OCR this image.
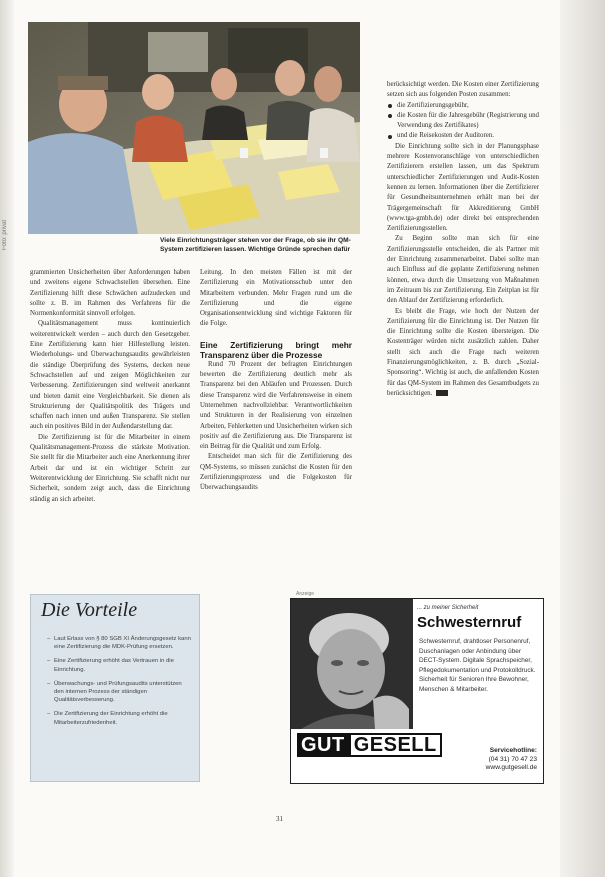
Foto: privat	Viele Einrichtungsträger stehen vor der Frage, ob sie ihr QM-System zertifizieren lassen. Wichtige Gründe sprechen dafür

grammierten Unsicherheiten über Anforderungen haben und zweitens eigene Schwachstellen übersehen. Eine Zertifizierung hilft diese Schwächen aufzudecken und sollte z. B. im Rahmen des Verfahrens für die Normenkonformität sinnvoll erfolgen.

Qualitätsmanagement muss kontinuierlich weiterentwickelt werden – auch durch den Gesetzgeber. Eine Zertifizierung kann hier Hilfestellung leisten. Wiederholungs- und Überwachungsaudits gewährleisten die ständige Überprüfung des Systems, decken neue Schwachstellen auf und zeigen Möglichkeiten zur Verbesserung. Zertifizierungen sind weltweit anerkannt und bieten damit eine Vergleichbarkeit. Sie dienen als Strukturierung der Qualitätspolitik des Trägers und schaffen nach innen und außen Transparenz. Sie stellen auch ein positives Bild in der Außendarstellung dar.

Die Zertifizierung ist für die Mitarbeiter in einem Qualitätsmanagement-Prozess die stärkste Motivation. Sie stellt für die Mitarbeiter auch eine Anerkennung ihrer Arbeit dar und ist ein wichtiger Schritt zur Weiterentwicklung der Einrichtung. Sie schafft nicht nur Sicherheit, sondern zeigt auch, dass die Einrichtung ständig an sich arbeitet.

Leitung. In den meisten Fällen ist mit der Zertifizierung ein Motivationsschub unter den Mitarbeitern verbunden. Mehr Fragen rund um die Zertifizierung und die eigene Organisationsentwicklung sind wichtige Faktoren für die Folge.

Eine Zertifizierung bringt mehr Transparenz über die Prozesse

Rund 70 Prozent der befragten Einrichtungen bewerten die Zertifizierung deutlich mehr als Transparenz bei den Abläufen und Prozessen. Durch diese Transparenz wird die Verfahrensweise in einem Unternehmen nachvollziehbar. Verantwortlichkeiten und Strukturen in der Realisierung von einzelnen Arbeiten, Fehlerketten und Unsicherheiten wirken sich positiv auf die Zertifizierung aus. Die Transparenz ist ein Beitrag für die Qualität und zum Erfolg.

Entscheidet man sich für die Zertifizierung des QM-Systems, so müssen zunächst die Kosten für den Zertifizierungsprozess und die Folgekosten für Überwachungsaudits

berücksichtigt werden. Die Kosten einer Zertifizierung setzen sich aus folgenden Posten zusammen:

die Zertifizierungsgebühr,
die Kosten für die Jahresgebühr (Registrierung und Verwendung des Zertifikates)
und die Reisekosten der Auditoren.

Die Einrichtung sollte sich in der Planungsphase mehrere Kostenvoranschläge von unterschiedlichen Zertifizierern erstellen lassen, um das Spektrum unterschiedlicher Zertifizierungen und Audit-Kosten kennen zu lernen. Informationen über die Zertifizierer für Gesundheitsunternehmen erhält man bei der Trägergemeinschaft für Akkreditierung GmbH (www.tga-gmbh.de) oder direkt bei entsprechenden Zertifizierungsstellen.

Zu Beginn sollte man sich für eine Zertifizierungsstelle entscheiden, die als Partner mit der Einrichtung zusammenarbeitet. Dabei sollte man auch Einfluss auf die geplante Zertifizierung nehmen können, etwa durch die Umsetzung von Maßnahmen im Zeitraum bis zur Zertifizierung. Ein Zeitplan ist für den Ablauf der Zertifizierung erforderlich.

Es bleibt die Frage, wie hoch der Nutzen der Zertifizierung für die Einrichtung ist. Der Nutzen für die Einrichtung sollte die Kosten übersteigen. Die Kostenträger würden nicht zusätzlich zahlen. Daher stellt sich auch die Frage nach weiteren Finanzierungsmöglichkeiten, z. B. durch „Sozial-Sponsoring“. Wichtig ist auch, die anfallenden Kosten für das QM-System im Rahmen des Gesamtbudgets zu berücksichtigen.

Die Vorteile

– Laut Erlass von § 80 SGB XI Änderungsgesetz kann eine Zertifizierung die MDK-Prüfung ersetzen.
– Eine Zertifizierung erhöht das Vertrauen in die Einrichtung.
– Überwachungs- und Prüfungsaudits unterstützen den internen Prozess der ständigen Qualitätsverbesserung.
– Die Zertifizierung der Einrichtung erhöht die Mitarbeiterzufriedenheit.
Anzeige
... zu meiner Sicherheit
Schwesternruf
Schwesternruf, drahtloser Personenruf, Duschanlagen oder Anbindung über DECT-System. Digitale Sprachspeicher, Pflegedokumentation und Protokolldruck. Sicherheit für Senioren Ihre Bewohner, Menschen & Mitarbeiter.
GUT GESELL	Servicehotline:
(04 31) 70 47 23
www.gutgesell.de
31
